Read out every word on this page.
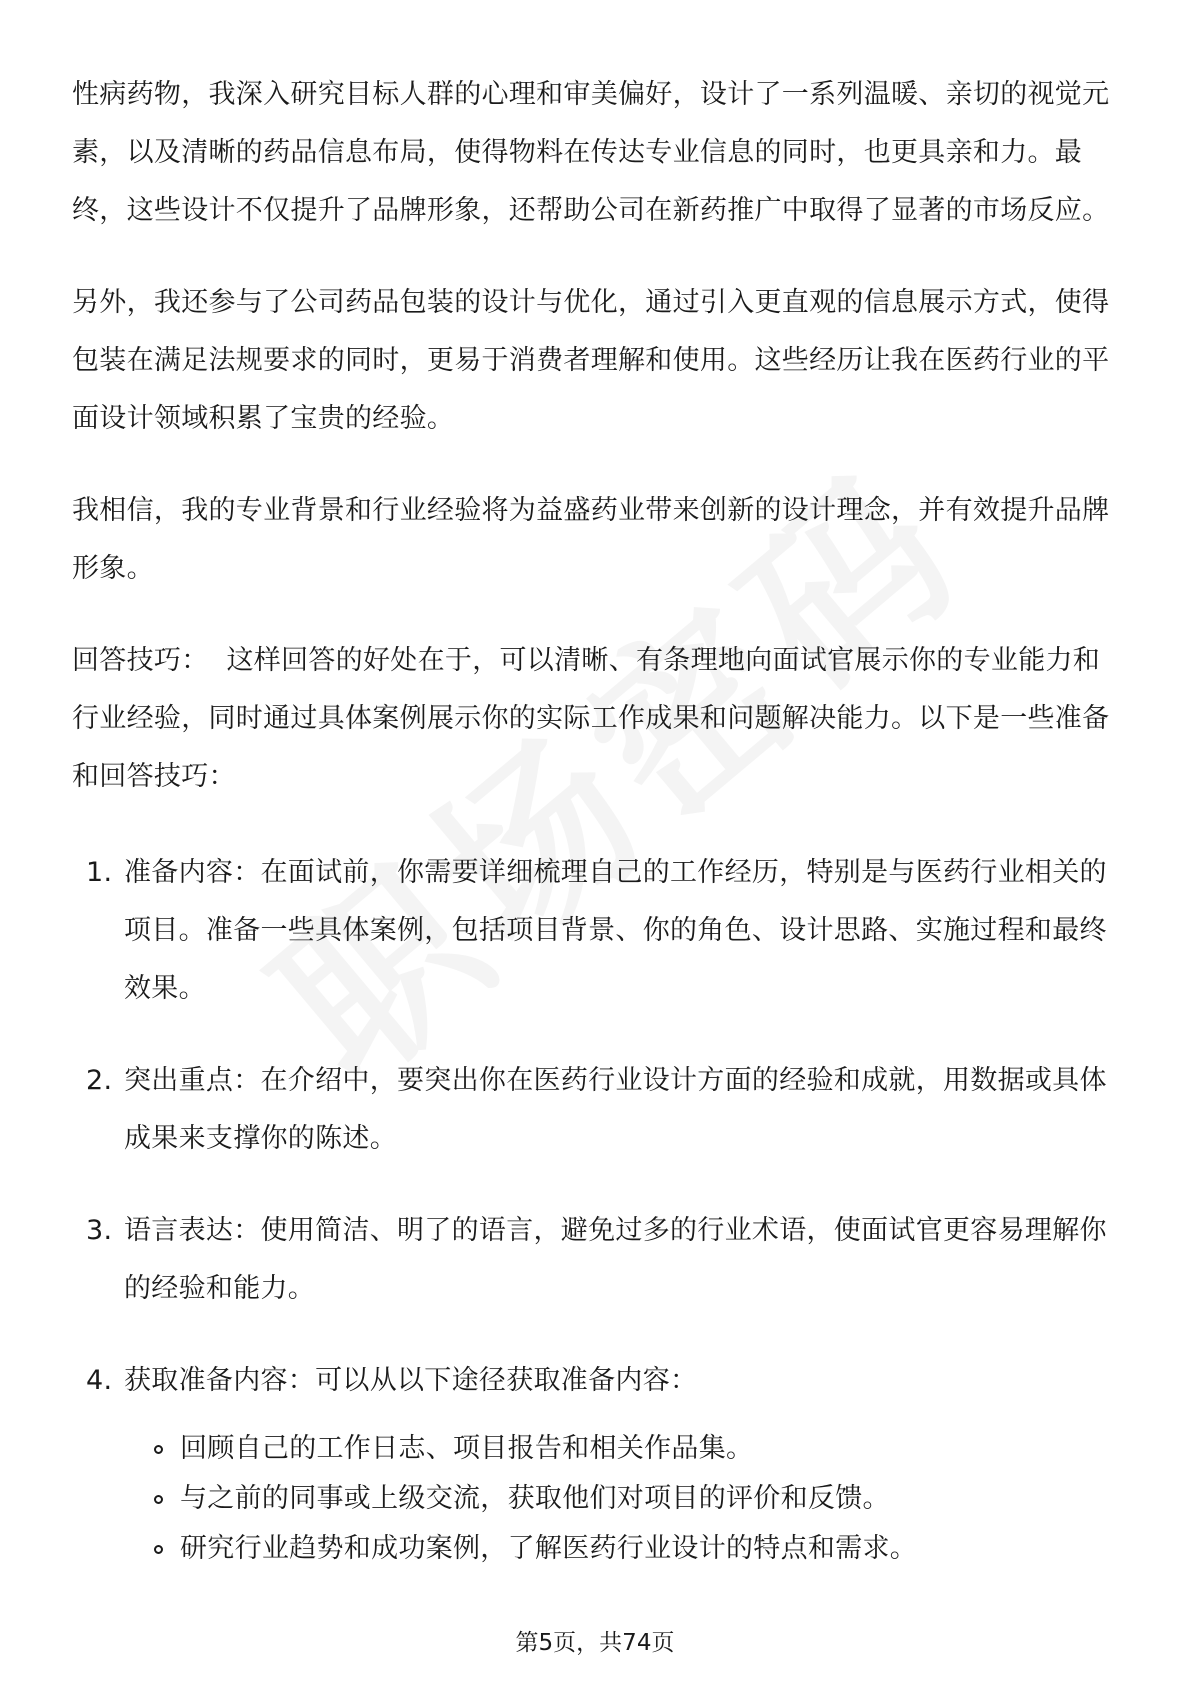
性病药物，我深入研究目标人群的心理和审美偏好，设计了一系列温暖、亲切的视觉元素，以及清晰的药品信息布局，使得物料在传达专业信息的同时，也更具亲和力。最终，这些设计不仅提升了品牌形象，还帮助公司在新药推广中取得了显著的市场反应。

另外，我还参与了公司药品包装的设计与优化，通过引入更直观的信息展示方式，使得包装在满足法规要求的同时，更易于消费者理解和使用。这些经历让我在医药行业的平面设计领域积累了宝贵的经验。

我相信，我的专业背景和行业经验将为益盛药业带来创新的设计理念，并有效提升品牌形象。

回答技巧： 这样回答的好处在于，可以清晰、有条理地向面试官展示你的专业能力和行业经验，同时通过具体案例展示你的实际工作成果和问题解决能力。以下是一些准备和回答技巧：

1. 准备内容：在面试前，你需要详细梳理自己的工作经历，特别是与医药行业相关的项目。准备一些具体案例，包括项目背景、你的角色、设计思路、实施过程和最终效果。
2. 突出重点：在介绍中，要突出你在医药行业设计方面的经验和成就，用数据或具体成果来支撑你的陈述。
3. 语言表达：使用简洁、明了的语言，避免过多的行业术语，使面试官更容易理解你的经验和能力。
4. 获取准备内容：可以从以下途径获取准备内容：
回顾自己的工作日志、项目报告和相关作品集。
与之前的同事或上级交流，获取他们对项目的评价和反馈。
研究行业趋势和成功案例，了解医药行业设计的特点和需求。
第5页，共74页
